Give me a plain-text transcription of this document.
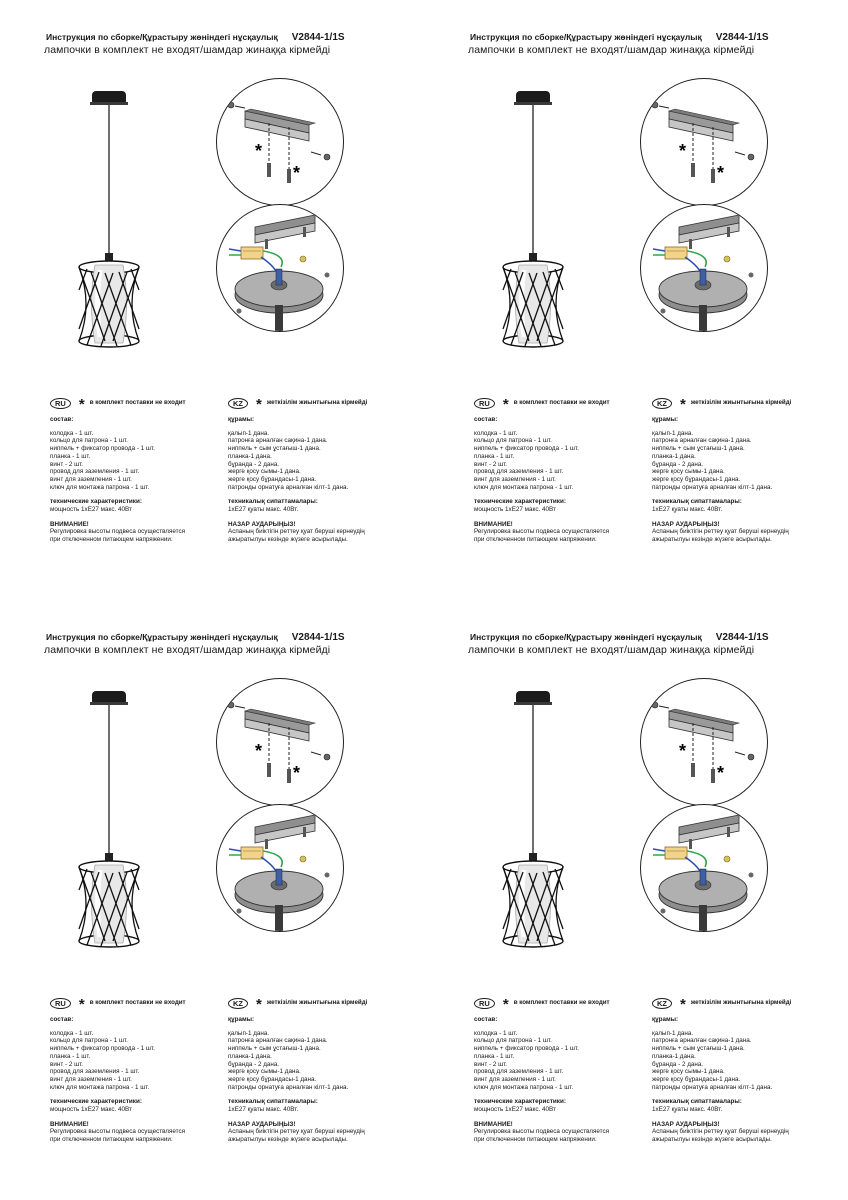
Инструкция по сборке/Құрастыру жөніндегі нұсқаулық V2844-1/1S
лампочки в комплект не входят/шамдар жинаққа кірмейді
*
*
RU * в комплект поставки не входит
состав:
колодка - 1 шт.
кольцо для патрона - 1 шт.
ниппель + фиксатор провода - 1 шт.
планка - 1 шт.
винт - 2 шт.
провод для заземления - 1 шт.
винт для заземления - 1 шт.
ключ для монтажа патрона - 1 шт.
технические характеристики:
мощность 1хЕ27 макс. 40Вт
ВНИМАНИЕ!
Регулировка высоты подвеса осуществляется
при отключенном питающем напряжении.
KZ * жеткізілім жиынтығына кірмейді
құрамы:
қалып-1 дана.
патронға арналған сақина-1 дана.
ниппель + сым ұстағыш-1 дана.
планка-1 дана.
бұранда - 2 дана.
жерге қосу сымы-1 дана.
жерге қосу бұрандасы-1 дана.
патронды орнатуға арналған кілт-1 дана.
техникалық сипаттамалары:
1хЕ27 қуаты макс. 40Вт.
НАЗАР АУДАРЫҢЫЗ!
Аспаның биіктігін реттеу қуат беруші кернеудің
ажыратылуы кезінде жүзеге асырылады.
Инструкция по сборке/Құрастыру жөніндегі нұсқаулық V2844-1/1S
лампочки в комплект не входят/шамдар жинаққа кірмейді
*
*
RU * в комплект поставки не входит
состав:
колодка - 1 шт.
кольцо для патрона - 1 шт.
ниппель + фиксатор провода - 1 шт.
планка - 1 шт.
винт - 2 шт.
провод для заземления - 1 шт.
винт для заземления - 1 шт.
ключ для монтажа патрона - 1 шт.
технические характеристики:
мощность 1хЕ27 макс. 40Вт
ВНИМАНИЕ!
Регулировка высоты подвеса осуществляется
при отключенном питающем напряжении.
KZ * жеткізілім жиынтығына кірмейді
құрамы:
қалып-1 дана.
патронға арналған сақина-1 дана.
ниппель + сым ұстағыш-1 дана.
планка-1 дана.
бұранда - 2 дана.
жерге қосу сымы-1 дана.
жерге қосу бұрандасы-1 дана.
патронды орнатуға арналған кілт-1 дана.
техникалық сипаттамалары:
1хЕ27 қуаты макс. 40Вт.
НАЗАР АУДАРЫҢЫЗ!
Аспаның биіктігін реттеу қуат беруші кернеудің
ажыратылуы кезінде жүзеге асырылады.
Инструкция по сборке/Құрастыру жөніндегі нұсқаулық V2844-1/1S
лампочки в комплект не входят/шамдар жинаққа кірмейді
*
*
RU * в комплект поставки не входит
состав:
колодка - 1 шт.
кольцо для патрона - 1 шт.
ниппель + фиксатор провода - 1 шт.
планка - 1 шт.
винт - 2 шт.
провод для заземления - 1 шт.
винт для заземления - 1 шт.
ключ для монтажа патрона - 1 шт.
технические характеристики:
мощность 1хЕ27 макс. 40Вт
ВНИМАНИЕ!
Регулировка высоты подвеса осуществляется
при отключенном питающем напряжении.
KZ * жеткізілім жиынтығына кірмейді
құрамы:
қалып-1 дана.
патронға арналған сақина-1 дана.
ниппель + сым ұстағыш-1 дана.
планка-1 дана.
бұранда - 2 дана.
жерге қосу сымы-1 дана.
жерге қосу бұрандасы-1 дана.
патронды орнатуға арналған кілт-1 дана.
техникалық сипаттамалары:
1хЕ27 қуаты макс. 40Вт.
НАЗАР АУДАРЫҢЫЗ!
Аспаның биіктігін реттеу қуат беруші кернеудің
ажыратылуы кезінде жүзеге асырылады.
Инструкция по сборке/Құрастыру жөніндегі нұсқаулық V2844-1/1S
лампочки в комплект не входят/шамдар жинаққа кірмейді
*
*
RU * в комплект поставки не входит
состав:
колодка - 1 шт.
кольцо для патрона - 1 шт.
ниппель + фиксатор провода - 1 шт.
планка - 1 шт.
винт - 2 шт.
провод для заземления - 1 шт.
винт для заземления - 1 шт.
ключ для монтажа патрона - 1 шт.
технические характеристики:
мощность 1хЕ27 макс. 40Вт
ВНИМАНИЕ!
Регулировка высоты подвеса осуществляется
при отключенном питающем напряжении.
KZ * жеткізілім жиынтығына кірмейді
құрамы:
қалып-1 дана.
патронға арналған сақина-1 дана.
ниппель + сым ұстағыш-1 дана.
планка-1 дана.
бұранда - 2 дана.
жерге қосу сымы-1 дана.
жерге қосу бұрандасы-1 дана.
патронды орнатуға арналған кілт-1 дана.
техникалық сипаттамалары:
1хЕ27 қуаты макс. 40Вт.
НАЗАР АУДАРЫҢЫЗ!
Аспаның биіктігін реттеу қуат беруші кернеудің
ажыратылуы кезінде жүзеге асырылады.
